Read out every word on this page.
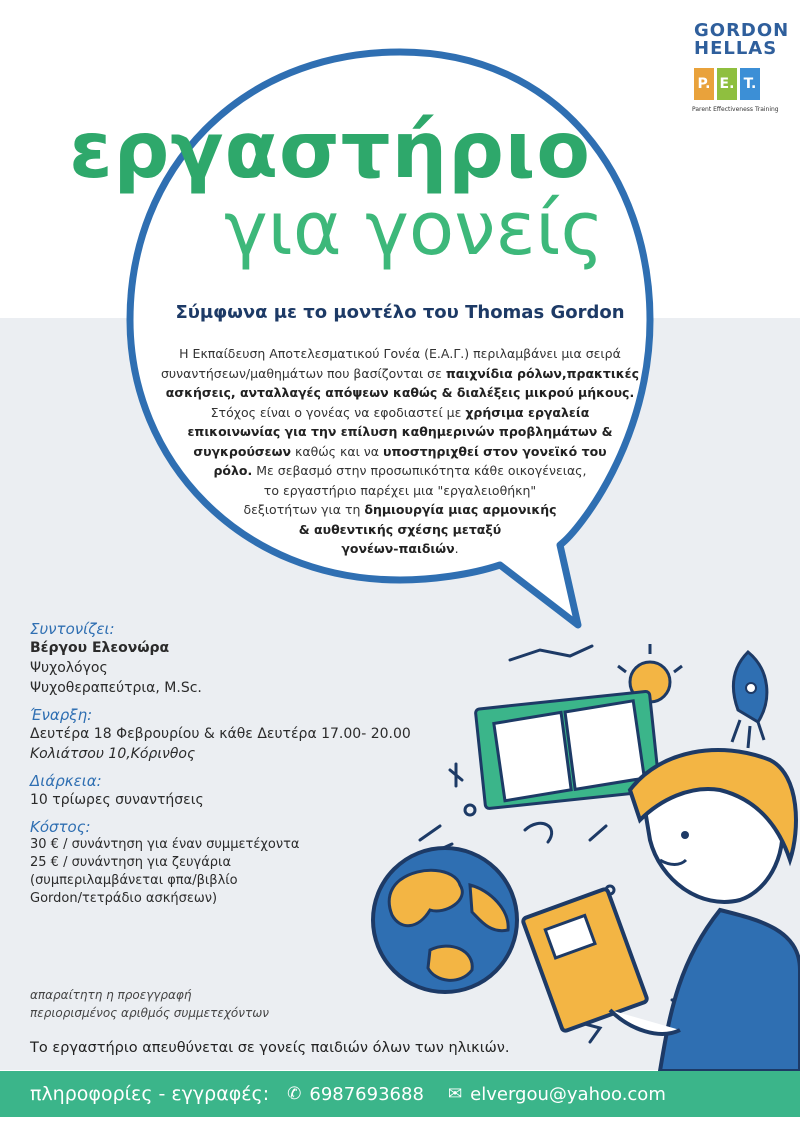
GORDON
HELLAS
P. E. T.
Parent Effectiveness Training
εργαστήριο
για γονείς
Σύμφωνα με το μοντέλο του Thomas Gordon
Η Εκπαίδευση Αποτελεσματικού Γονέα (Ε.Α.Γ.) περιλαμβάνει μια σειρά
συναντήσεων/μαθημάτων που βασίζονται σε παιχνίδια ρόλων,πρακτικές
ασκήσεις, ανταλλαγές απόψεων καθώς & διαλέξεις μικρού μήκους.
Στόχος είναι ο γονέας να εφοδιαστεί με χρήσιμα εργαλεία
επικοινωνίας για την επίλυση καθημερινών προβλημάτων &
συγκρούσεων καθώς και να υποστηριχθεί στον γονεϊκό του
ρόλο. Με σεβασμό στην προσωπικότητα κάθε οικογένειας,
το εργαστήριο παρέχει μια "εργαλειοθήκη"
δεξιοτήτων για τη δημιουργία μιας αρμονικής
& αυθεντικής σχέσης μεταξύ
γονέων-παιδιών.
Συντονίζει:
Βέργου Ελεονώρα
Ψυχολόγος
Ψυχοθεραπεύτρια, M.Sc.
Έναρξη:
Δευτέρα 18 Φεβρουρίου & κάθε Δευτέρα 17.00- 20.00
Κολιάτσου 10,Κόρινθος
Διάρκεια:
10 τρίωρες συναντήσεις
Κόστος:
30 € / συνάντηση για έναν συμμετέχοντα
25 € / συνάντηση για ζευγάρια
(συμπεριλαμβάνεται φπα/βιβλίο
Gordon/τετράδιο ασκήσεων)
απαραίτητη η προεγγραφή
περιορισμένος αριθμός συμμετεχόντων
Το εργαστήριο απευθύνεται σε γονείς παιδιών όλων των ηλικιών.
πληροφορίες - εγγραφές: ✆ 6987693688 ✉ elvergou@yahoo.com
